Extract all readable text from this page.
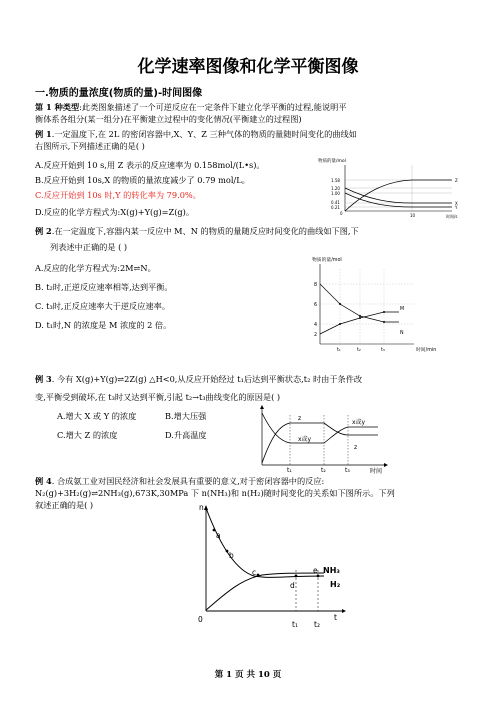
化学速率图像和化学平衡图像
一.物质的量浓度(物质的量)-时间图像
第 1 种类型:此类图象描述了一个可逆反应在一定条件下建立化学平衡的过程,能说明平
衡体系各组分(某一组分)在平衡建立过程中的变化情况(平衡建立的过程图)
例 1.一定温度下,在 2L 的密闭容器中,X、Y、Z 三种气体的物质的量随时间变化的曲线如
右图所示,下列描述正确的是( )
A.反应开始到 10 s,用 Z 表示的反应速率为 0.158mol/(L•s)。
B.反应开始到 10s,X 的物质的量浓度减少了 0.79 mol/L。
C.反应开始到 10s 时,Y 的转化率为 79.0%。
D.反应的化学方程式为:X(g)+Y(g)=Z(g)。
物质的量/mol
1.58
1.20
1.00
0.41
0.21
0	10	时间/s
Z
X
Y
例 2.在一定温度下,容器内某一反应中 M、N 的物质的量随反应时间变化的曲线如下图,下
列表述中正确的是 ( )
A.反应的化学方程式为:2M⇌N。
B. t₂时,正逆反应速率相等,达到平衡。
C. t₃时,正反应速率大于逆反应速率。
D. t₁时,N 的浓度是 M 浓度的 2 倍。
物质的量/mol
8
6
4
2
t₁	t₂	t₃	时间/min
M
N
例 3. 今有 X(g)+Y(g)⇌2Z(g) △H<0,从反应开始经过 t₁后达到平衡状态,t₂ 时由于条件改
变,平衡受到破坏,在 t₃时又达到平衡,引起 t₂→t₃曲线变化的原因是( )
A.增大 X 或 Y 的浓度	B.增大压强
C.增大 Z 的浓度	D.升高温度
z
x或y
x或y
z
t₁	t₂	t₃	时间
例 4. 合成氨工业对国民经济和社会发展具有重要的意义,对于密闭容器中的反应:
N₂(g)+3H₂(g)⇌2NH₃(g),673K,30MPa 下 n(NH₃)和 n(H₂)随时间变化的关系如下图所示。下列
叙述正确的是( )	n
a
b
c
d
e
0	t
t₁ t₂
NH₃
H₂
第 1 页 共 10 页
